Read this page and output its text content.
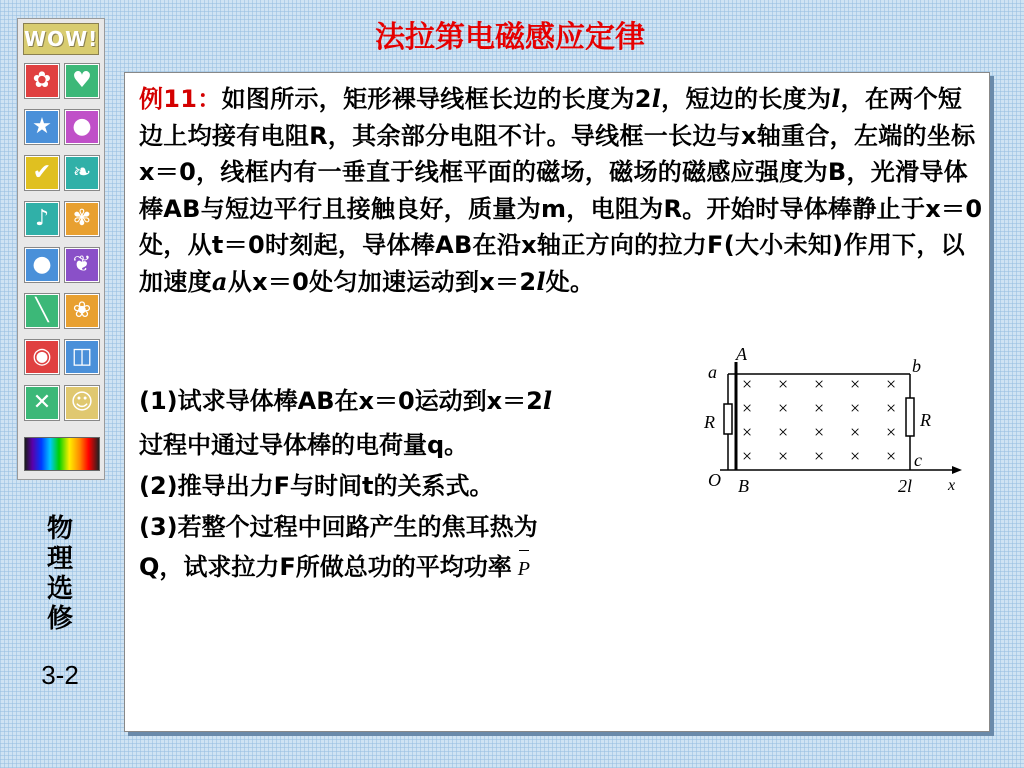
法拉第电磁感应定律
WOW!
✿ ♥
★ ●
✔ ❧
♪	✾
● ❦
╲	❀
◉ ◫
✕ ☺
物
理
选
修
3-2
例11：如图所示，矩形裸导线框长边的长度为2l，短边的长度为l，在两个短边上均接有电阻R，其余部分电阻不计。导线框一长边与x轴重合，左端的坐标x＝0，线框内有一垂直于线框平面的磁场，磁场的磁感应强度为B，光滑导体棒AB与短边平行且接触良好，质量为m，电阻为R。开始时导体棒静止于x＝0处，从t＝0时刻起，导体棒AB在沿x轴正方向的拉力F(大小未知)作用下，以加速度a从x＝0处匀加速运动到x＝2l处。
(1)试求导体棒AB在x＝0运动到x＝2l
过程中通过导体棒的电荷量q。
(2)推导出力F与时间t的关系式。
(3)若整个过程中回路产生的焦耳热为
Q，试求拉力F所做总功的平均功率 P
× × × × ×
× × × × ×
× × × × ×
× × × × ×
A
a	b
R	R
c
O B	2l x
